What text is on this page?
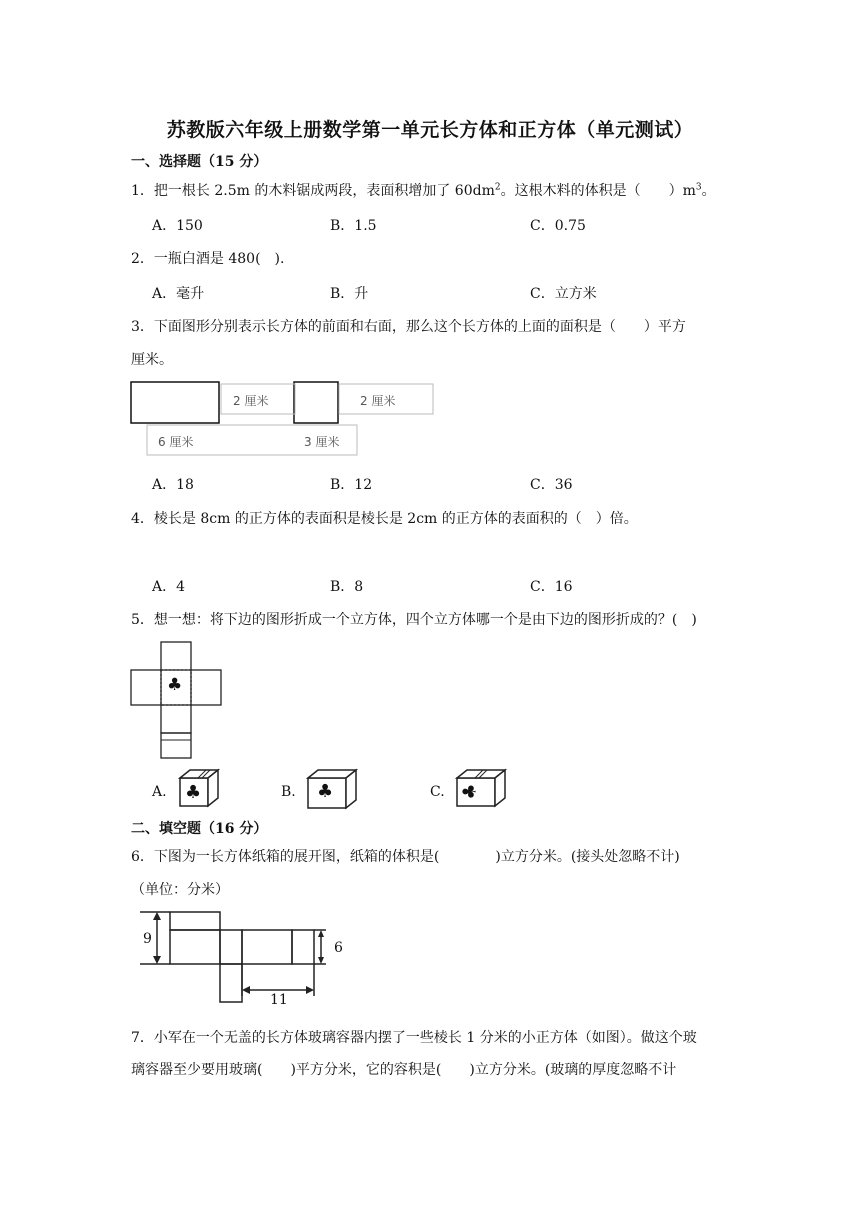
苏教版六年级上册数学第一单元长方体和正方体（单元测试）
一、选择题（15 分）
1．把一根长 2.5m 的木料锯成两段，表面积增加了 $60dm^2$。这根木料的体积是（　　）$m^3$。
A．150	B．1.5	C．0.75
2．一瓶白酒是 480(　).
A．毫升	B．升	C．立方米
3．下面图形分别表示长方体的前面和右面，那么这个长方体的上面的面积是（　　）平方
厘米。
2 厘米	2 厘米
6 厘米	3 厘米
A．18	B．12	C．36
4．棱长是 8cm 的正方体的表面积是棱长是 2cm 的正方体的表面积的（　）倍。
A．4	B．8	C．16
5．想一想：将下边的图形折成一个立方体，四个立方体哪一个是由下边的图形折成的？(　)
♣
♣	♣	♣
A.	B.	C.
二、填空题（16 分）
6．下图为一长方体纸箱的展开图，纸箱的体积是(　　　　)立方分米。(接头处忽略不计)
（单位：分米）
9
6
11
7．小军在一个无盖的长方体玻璃容器内摆了一些棱长 1 分米的小正方体（如图）。做这个玻
璃容器至少要用玻璃(　　)平方分米，它的容积是(　　)立方分米。(玻璃的厚度忽略不计
